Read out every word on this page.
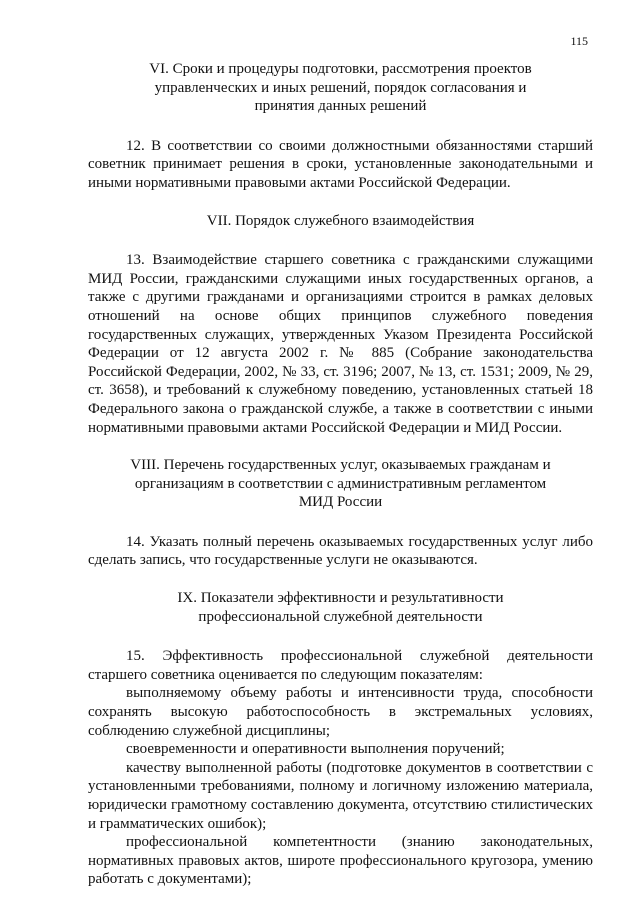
115

VI. Сроки и процедуры подготовки, рассмотрения проектов управленческих и иных решений, порядок согласования и принятия данных решений

12. В соответствии со своими должностными обязанностями старший советник принимает решения в сроки, установленные законодательными и иными нормативными правовыми актами Российской Федерации.

VII. Порядок служебного взаимодействия

13. Взаимодействие старшего советника с гражданскими служащими МИД России, гражданскими служащими иных государственных органов, а также с другими гражданами и организациями строится в рамках деловых отношений на основе общих принципов служебного поведения государственных служащих, утвержденных Указом Президента Российской Федерации от 12 августа 2002 г. № 885 (Собрание законодательства Российской Федерации, 2002, № 33, ст. 3196; 2007, № 13, ст. 1531; 2009, № 29, ст. 3658), и требований к служебному поведению, установленных статьей 18 Федерального закона о гражданской службе, а также в соответствии с иными нормативными правовыми актами Российской Федерации и МИД России.

VIII. Перечень государственных услуг, оказываемых гражданам и организациям в соответствии с административным регламентом МИД России

14. Указать полный перечень оказываемых государственных услуг либо сделать запись, что государственные услуги не оказываются.

IX. Показатели эффективности и результативности профессиональной служебной деятельности

15. Эффективность профессиональной служебной деятельности старшего советника оценивается по следующим показателям:

выполняемому объему работы и интенсивности труда, способности сохранять высокую работоспособность в экстремальных условиях, соблюдению служебной дисциплины;

своевременности и оперативности выполнения поручений;

качеству выполненной работы (подготовке документов в соответствии с установленными требованиями, полному и логичному изложению материала, юридически грамотному составлению документа, отсутствию стилистических и грамматических ошибок);

профессиональной компетентности (знанию законодательных, нормативных правовых актов, широте профессионального кругозора, умению работать с документами);
